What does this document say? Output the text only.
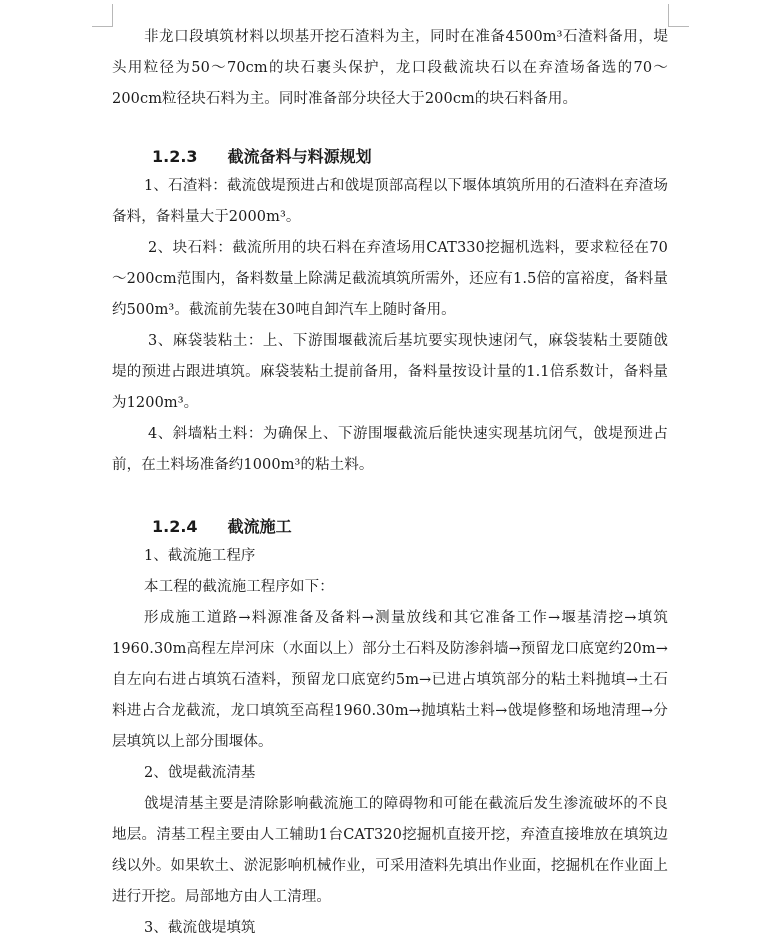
非龙口段填筑材料以坝基开挖石渣料为主，同时在准备4500m³石渣料备用，堤头用粒径为50～70cm的块石裹头保护，龙口段截流块石以在弃渣场备选的70～200cm粒径块石料为主。同时准备部分块径大于200cm的块石料备用。

1.2.3 截流备料与料源规划

1、石渣料：截流戗堤预进占和戗堤顶部高程以下堰体填筑所用的石渣料在弃渣场备料，备料量大于2000m³。

2、块石料：截流所用的块石料在弃渣场用CAT330挖掘机选料，要求粒径在70～200cm范围内，备料数量上除满足截流填筑所需外，还应有1.5倍的富裕度，备料量约500m³。截流前先装在30吨自卸汽车上随时备用。

3、麻袋装粘土：上、下游围堰截流后基坑要实现快速闭气，麻袋装粘土要随戗堤的预进占跟进填筑。麻袋装粘土提前备用，备料量按设计量的1.1倍系数计，备料量为1200m³。

4、斜墙粘土料：为确保上、下游围堰截流后能快速实现基坑闭气，戗堤预进占前，在土料场准备约1000m³的粘土料。

1.2.4 截流施工

1、截流施工程序

本工程的截流施工程序如下：

形成施工道路→料源准备及备料→测量放线和其它准备工作→堰基清挖→填筑1960.30m高程左岸河床（水面以上）部分土石料及防渗斜墙→预留龙口底宽约20m→自左向右进占填筑石渣料，预留龙口底宽约5m→已进占填筑部分的粘土料抛填→土石料进占合龙截流，龙口填筑至高程1960.30m→抛填粘土料→戗堤修整和场地清理→分层填筑以上部分围堰体。

2、戗堤截流清基

戗堤清基主要是清除影响截流施工的障碍物和可能在截流后发生渗流破坏的不良地层。清基工程主要由人工辅助1台CAT320挖掘机直接开挖，弃渣直接堆放在填筑边线以外。如果软土、淤泥影响机械作业，可采用渣料先填出作业面，挖掘机在作业面上进行开挖。局部地方由人工清理。

3、截流戗堤填筑
